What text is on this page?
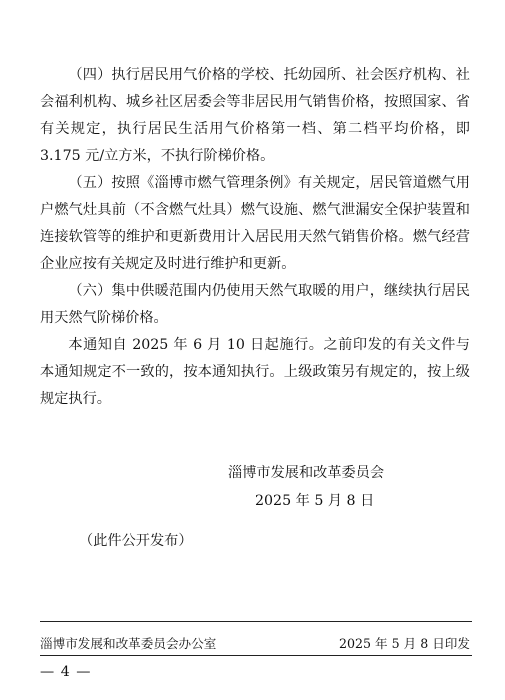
（四）执行居民用气价格的学校、托幼园所、社会医疗机构、社会福利机构、城乡社区居委会等非居民用气销售价格，按照国家、省有关规定，执行居民生活用气价格第一档、第二档平均价格，即 3.175 元/立方米，不执行阶梯价格。

（五）按照《淄博市燃气管理条例》有关规定，居民管道燃气用户燃气灶具前（不含燃气灶具）燃气设施、燃气泄漏安全保护装置和连接软管等的维护和更新费用计入居民用天然气销售价格。燃气经营企业应按有关规定及时进行维护和更新。

（六）集中供暖范围内仍使用天然气取暖的用户，继续执行居民用天然气阶梯价格。

本通知自 2025 年 6 月 10 日起施行。之前印发的有关文件与本通知规定不一致的，按本通知执行。上级政策另有规定的，按上级规定执行。

淄博市发展和改革委员会
2025 年 5 月 8 日
（此件公开发布）
淄博市发展和改革委员会办公室	2025 年 5 月 8 日印发
— 4 —
